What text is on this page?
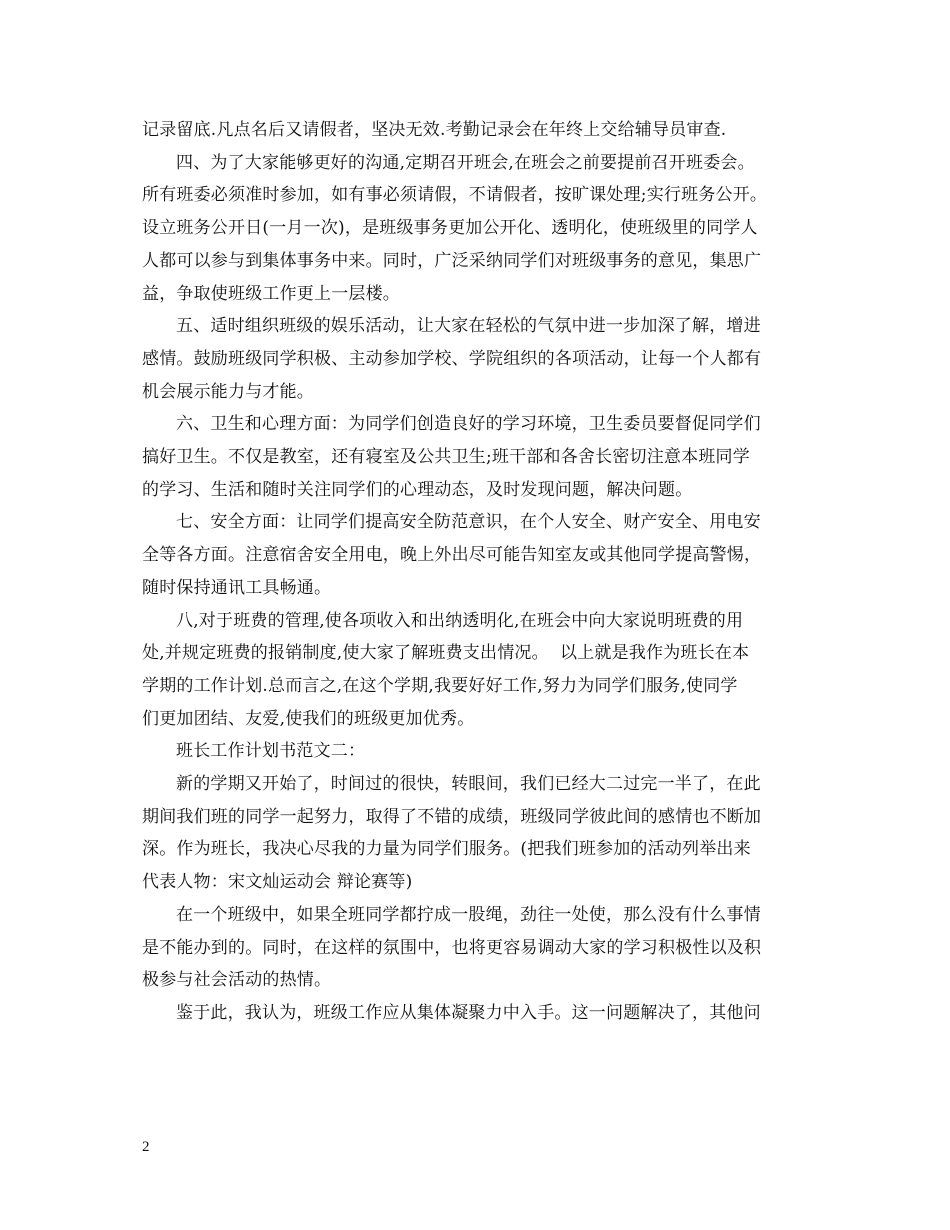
记录留底.凡点名后又请假者，坚决无效.考勤记录会在年终上交给辅导员审查.

四、为了大家能够更好的沟通,定期召开班会,在班会之前要提前召开班委会。
所有班委必须准时参加，如有事必须请假，不请假者，按旷课处理;实行班务公开。
设立班务公开日(一月一次)，是班级事务更加公开化、透明化，使班级里的同学人
人都可以参与到集体事务中来。同时，广泛采纳同学们对班级事务的意见，集思广
益，争取使班级工作更上一层楼。

五、适时组织班级的娱乐活动，让大家在轻松的气氛中进一步加深了解，增进
感情。鼓励班级同学积极、主动参加学校、学院组织的各项活动，让每一个人都有
机会展示能力与才能。

六、卫生和心理方面：为同学们创造良好的学习环境，卫生委员要督促同学们
搞好卫生。不仅是教室，还有寝室及公共卫生;班干部和各舍长密切注意本班同学
的学习、生活和随时关注同学们的心理动态，及时发现问题，解决问题。

七、安全方面：让同学们提高安全防范意识，在个人安全、财产安全、用电安
全等各方面。注意宿舍安全用电，晚上外出尽可能告知室友或其他同学提高警惕，
随时保持通讯工具畅通。

八,对于班费的管理,使各项收入和出纳透明化,在班会中向大家说明班费的用
处,并规定班费的报销制度,使大家了解班费支出情况。  以上就是我作为班长在本
学期的工作计划.总而言之,在这个学期,我要好好工作,努力为同学们服务,使同学
们更加团结、友爱,使我们的班级更加优秀。

班长工作计划书范文二：

新的学期又开始了，时间过的很快，转眼间，我们已经大二过完一半了，在此
期间我们班的同学一起努力，取得了不错的成绩，班级同学彼此间的感情也不断加
深。作为班长，我决心尽我的力量为同学们服务。(把我们班参加的活动列举出来
代表人物：宋文灿运动会 辩论赛等)

在一个班级中，如果全班同学都拧成一股绳，劲往一处使，那么没有什么事情
是不能办到的。同时，在这样的氛围中，也将更容易调动大家的学习积极性以及积
极参与社会活动的热情。

鉴于此，我认为，班级工作应从集体凝聚力中入手。这一问题解决了，其他问

2
